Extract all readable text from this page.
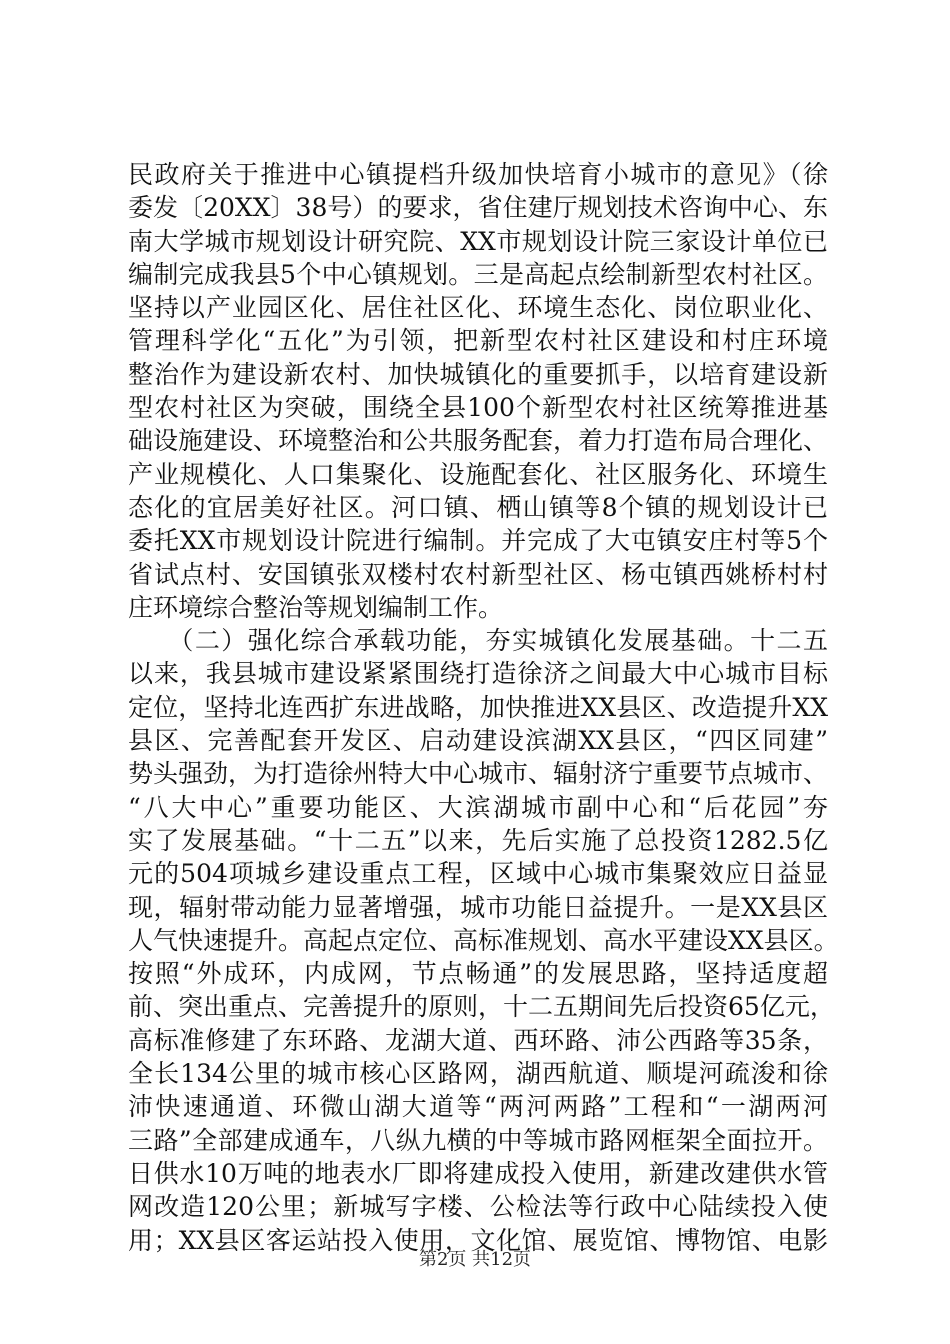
民政府关于推进中心镇提档升级加快培育小城市的意见》（徐
委发〔20XX〕38号）的要求，省住建厅规划技术咨询中心、东
南大学城市规划设计研究院、XX市规划设计院三家设计单位已
编制完成我县5个中心镇规划。三是高起点绘制新型农村社区。
坚持以产业园区化、居住社区化、环境生态化、岗位职业化、
管理科学化“五化”为引领，把新型农村社区建设和村庄环境
整治作为建设新农村、加快城镇化的重要抓手，以培育建设新
型农村社区为突破，围绕全县100个新型农村社区统筹推进基
础设施建设、环境整治和公共服务配套，着力打造布局合理化、
产业规模化、人口集聚化、设施配套化、社区服务化、环境生
态化的宜居美好社区。河口镇、栖山镇等8个镇的规划设计已
委托XX市规划设计院进行编制。并完成了大屯镇安庄村等5个
省试点村、安国镇张双楼村农村新型社区、杨屯镇西姚桥村村
庄环境综合整治等规划编制工作。
　　（二）强化综合承载功能，夯实城镇化发展基础。十二五
以来，我县城市建设紧紧围绕打造徐济之间最大中心城市目标
定位，坚持北连西扩东进战略，加快推进XX县区、改造提升XX
县区、完善配套开发区、启动建设滨湖XX县区，“四区同建”
势头强劲，为打造徐州特大中心城市、辐射济宁重要节点城市、
“八大中心”重要功能区、大滨湖城市副中心和“后花园”夯
实了发展基础。“十二五”以来，先后实施了总投资1282.5亿
元的504项城乡建设重点工程，区域中心城市集聚效应日益显
现，辐射带动能力显著增强，城市功能日益提升。一是XX县区
人气快速提升。高起点定位、高标准规划、高水平建设XX县区。
按照“外成环，内成网，节点畅通”的发展思路，坚持适度超
前、突出重点、完善提升的原则，十二五期间先后投资65亿元，
高标准修建了东环路、龙湖大道、西环路、沛公西路等35条，
全长134公里的城市核心区路网，湖西航道、顺堤河疏浚和徐
沛快速通道、环微山湖大道等“两河两路”工程和“一湖两河
三路”全部建成通车，八纵九横的中等城市路网框架全面拉开。
日供水10万吨的地表水厂即将建成投入使用，新建改建供水管
网改造120公里；新城写字楼、公检法等行政中心陆续投入使
用；XX县区客运站投入使用，文化馆、展览馆、博物馆、电影
第2页 共12页
